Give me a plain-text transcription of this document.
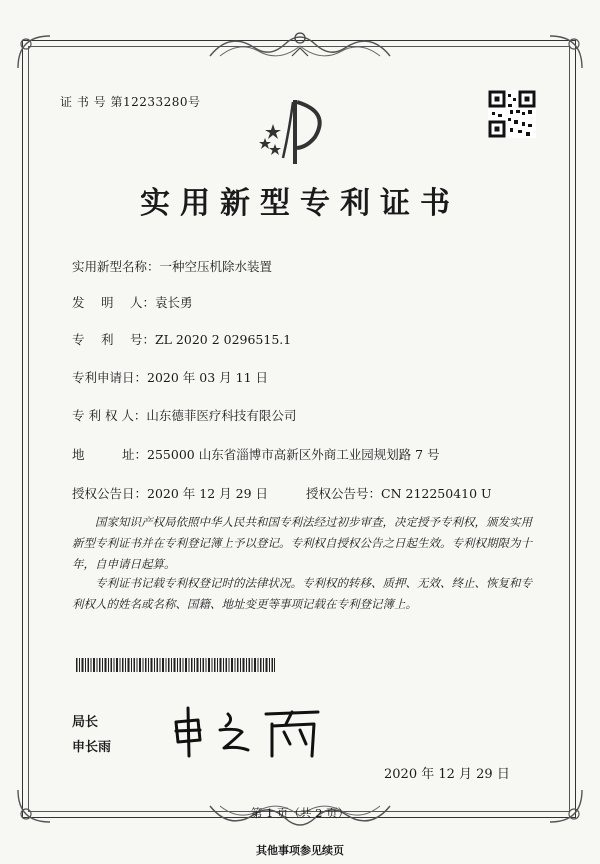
证 书 号 第12233280号
实用新型专利证书
实用新型名称：一种空压机除水装置
发　 明　 人：袁长勇
专　 利　 号：ZL 2020 2 0296515.1
专利申请日：2020 年 03 月 11 日
专 利 权 人：山东德菲医疗科技有限公司
地　　　址：255000 山东省淄博市高新区外商工业园规划路 7 号
授权公告日：2020 年 12 月 29 日	授权公告号：CN 212250410 U
国家知识产权局依照中华人民共和国专利法经过初步审查，决定授予专利权，颁发实用新型专利证书并在专利登记簿上予以登记。专利权自授权公告之日起生效。专利权期限为十年，自申请日起算。
专利证书记载专利权登记时的法律状况。专利权的转移、质押、无效、终止、恢复和专利权人的姓名或名称、国籍、地址变更等事项记载在专利登记簿上。
局长
申长雨
2020 年 12 月 29 日
第 1 页（共 2 页）
其他事项参见续页
